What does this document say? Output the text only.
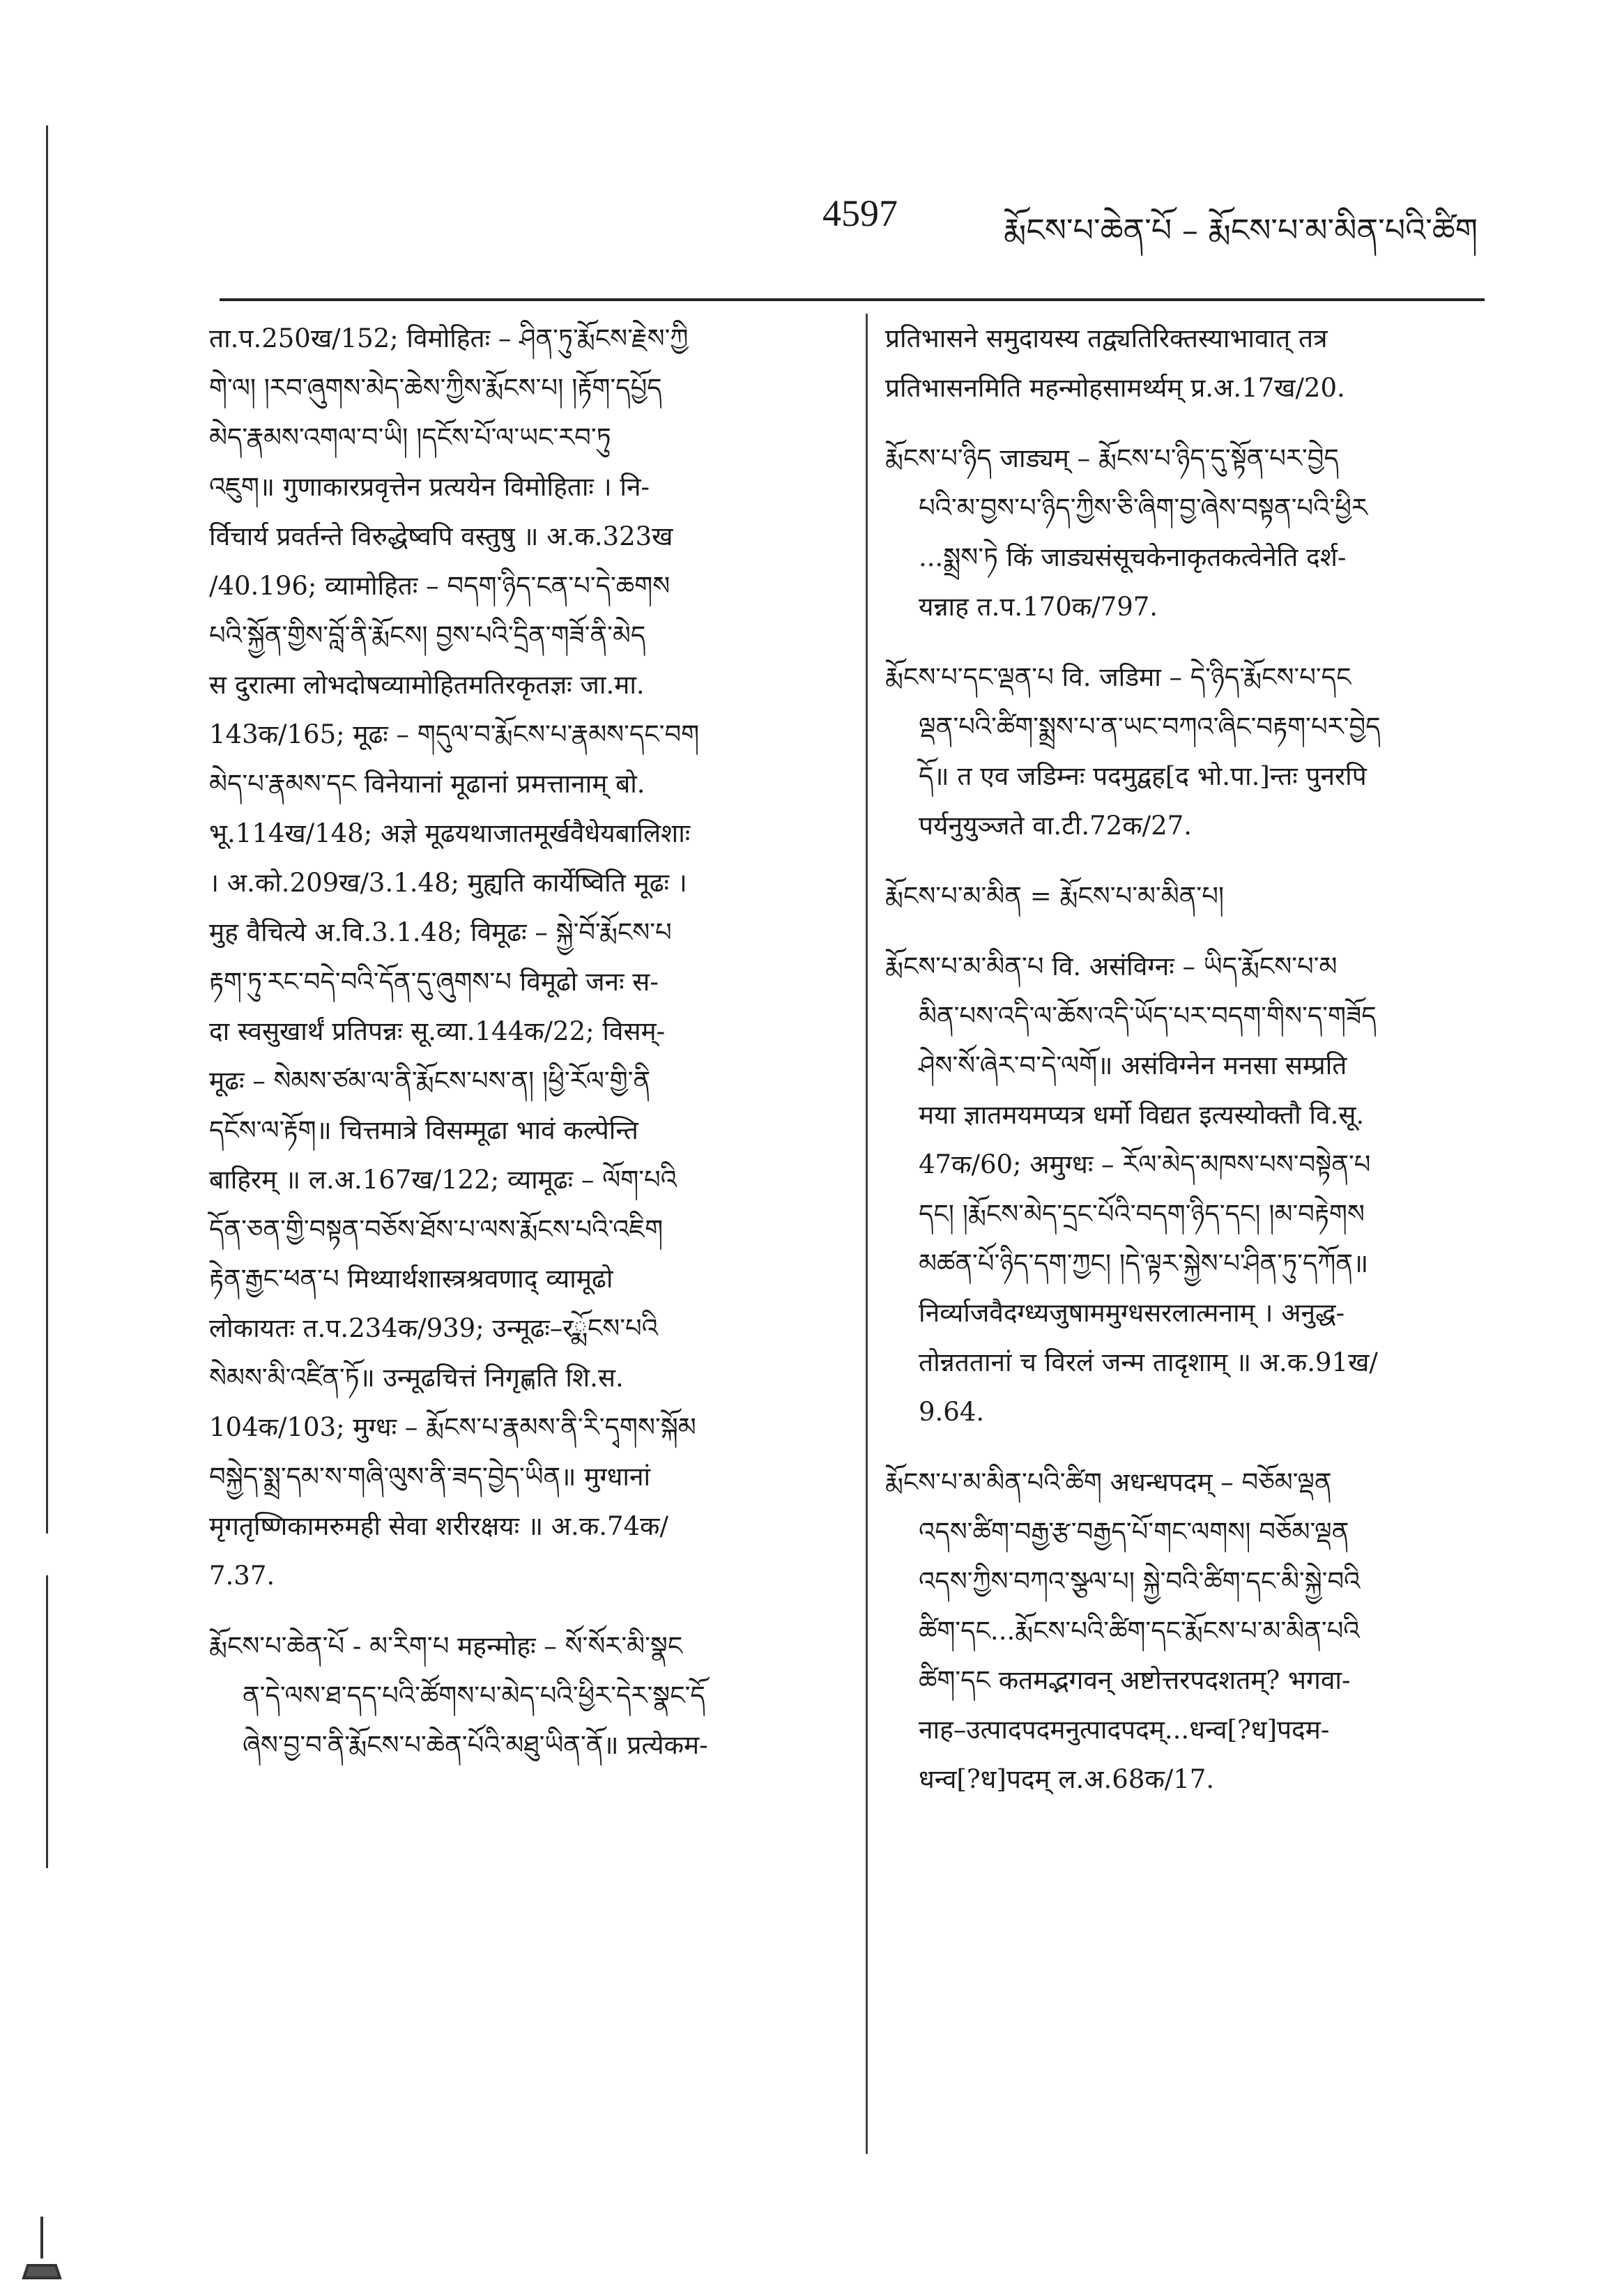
4597	རྨོངས་པ་ཆེན་པོ – རྨོངས་པ་མ་མིན་པའི་ཚིག

ता.प.250ख/152; विमोहितः – ཤིན་ཏུ་རྨོངས་རྗེས་ཀྱི

གེ་ལ། །རབ་ཞུགས་མེད་ཆེས་ཀྱིས་རྨོངས་པ། །རྟོག་དཔྱོད

མེད་རྣམས་འགལ་བ་ཡི། །དངོས་པོ་ལ་ཡང་རབ་ཏུ

འཇུག॥ गुणाकारप्रवृत्तेन प्रत्ययेन विमोहिताः । नि-

र्विचार्य प्रवर्तन्ते विरुद्धेष्वपि वस्तुषु ॥ अ.क.323ख

/40.196; व्यामोहितः – བདག་ཉིད་ངན་པ་དེ་ཆགས

པའི་སྐྱོན་གྱིས་བློ་ནི་རྨོངས། བྱས་པའི་དྲིན་གཟོ་ནི་མེད

स दुरात्मा लोभदोषव्यामोहितमतिरकृतज्ञः जा.मा.

143क/165; मूढः – གདུལ་བ་རྨོངས་པ་རྣམས་དང་བག

མེད་པ་རྣམས་དང विनेयानां मूढानां प्रमत्तानाम् बो.

भू.114ख/148; अज्ञे मूढयथाजातमूर्खवैधेयबालिशाः

। अ.को.209ख/3.1.48; मुह्यति कार्येष्विति मूढः ।

मुह वैचित्ये अ.वि.3.1.48; विमूढः – སྐྱེ་བོ་རྨོངས་པ

རྟག་ཏུ་རང་བདེ་བའི་དོན་དུ་ཞུགས་པ विमूढो जनः स-

दा स्वसुखार्थं प्रतिपन्नः सू.व्या.144क/22; विसम्-

मूढः – སེམས་ཙམ་ལ་ནི་རྨོངས་པས་ན། །ཕྱི་རོལ་གྱི་ནི

དངོས་ལ་རྟོག॥ चित्तमात्रे विसम्मूढा भावं कल्पेन्ति

बाहिरम् ॥ ल.अ.167ख/122; व्यामूढः – ལོག་པའི

དོན་ཅན་གྱི་བསྟན་བཅོས་ཐོས་པ་ལས་རྨོངས་པའི་འཇིག

རྟེན་རྒྱང་ཕན་པ मिथ्यार्थशास्त्रश्रवणाद् व्यामूढो

लोकायतः त.प.234क/939; उन्मूढः–रྨོངས་པའི

སེམས་མི་འཛིན་ཏོ॥ उन्मूढचित्तं निगृह्णति शि.स.

104क/103; मुग्धः – རྨོངས་པ་རྣམས་ནི་རི་དྭགས་སྐོམ

བསྐྱེད་སྨྲ་དམ་ས་གཞི་ལུས་ནི་ཟད་བྱེད་ཡིན॥ मुग्धानां

मृगतृष्णिकामरुमही सेवा शरीरक्षयः ॥ अ.क.74क/

7.37.

རྨོངས་པ་ཆེན་པོ - མ་རིག་པ महन्मोहः – སོ་སོར་མི་སྣང

ན་དེ་ལས་ཐ་དད་པའི་ཚོགས་པ་མེད་པའི་ཕྱིར་དེར་སྣང་དོ

ཞེས་བྱ་བ་ནི་རྨོངས་པ་ཆེན་པོའི་མཐུ་ཡིན་ནོ॥ प्रत्येकम-

प्रतिभासने समुदायस्य तद्व्यतिरिक्तस्याभावात् तत्र

प्रतिभासनमिति महन्मोहसामर्थ्यम् प्र.अ.17ख/20.

རྨོངས་པ་ཉིད जाड्यम् – རྨོངས་པ་ཉིད་དུ་སྟོན་པར་བྱེད

པའི་མ་བྱས་པ་ཉིད་ཀྱིས་ཅི་ཞིག་བྱ་ཞེས་བསྟན་པའི་ཕྱིར

...སྨྲས་ཏེ किं जाड्यसंसूचकेनाकृतकत्वेनेति दर्श-

यन्नाह त.प.170क/797.

རྨོངས་པ་དང་ལྡན་པ वि. जडिमा – དེ་ཉིད་རྨོངས་པ་དང

ལྡན་པའི་ཚིག་སྨྲས་པ་ན་ཡང་བཀའ་ཞིང་བརྟག་པར་བྱེད

དོ॥ त एव जडिम्नः पदमुद्वह[द भो.पा.]न्तः पुनरपि

पर्यनुयुञ्जते वा.टी.72क/27.

རྨོངས་པ་མ་མིན = རྨོངས་པ་མ་མིན་པ།

རྨོངས་པ་མ་མིན་པ वि. असंविग्नः – ཡིད་རྨོངས་པ་མ

མིན་པས་འདི་ལ་ཆོས་འདི་ཡོད་པར་བདག་གིས་ད་གཟོད

ཤེས་སོ་ཞེར་བ་དེ་ལགོ॥ असंविग्नेन मनसा सम्प्रति

मया ज्ञातमयमप्यत्र धर्मो विद्यत इत्यस्योक्तौ वि.सू.

47क/60; अमुग्धः – རོལ་མེད་མཁས་པས་བསྟེན་པ

དང། །རྨོངས་མེད་དྲང་པོའི་བདག་ཉིད་དང། །མ་བརྟེགས

མཚན་པོ་ཉིད་དག་ཀྱང། །དེ་ལྟར་སྐྱེས་པ་ཤིན་ཏུ་དཀོན॥

निर्व्याजवैदग्ध्यजुषाममुग्धसरलात्मनाम् । अनुद्ध-

तोन्नततानां च विरलं जन्म तादृशाम् ॥ अ.क.91ख/

9.64.

རྨོངས་པ་མ་མིན་པའི་ཚིག अधन्धपदम् – བཅོམ་ལྡན

འདས་ཚིག་བརྒྱ་རྩ་བརྒྱད་པོ་གང་ལགས། བཅོམ་ལྡན

འདས་ཀྱིས་བཀའ་སྩལ་པ། སྐྱེ་བའི་ཚིག་དང་མི་སྐྱེ་བའི

ཚིག་དང...རྨོངས་པའི་ཚིག་དང་རྨོངས་པ་མ་མིན་པའི

ཚིག་དང कतमद्भगवन् अष्टोत्तरपदशतम्? भगवा-

नाह–उत्पादपदमनुत्पादपदम्...धन्व[?ध]पदम-

धन्व[?ध]पदम् ल.अ.68क/17.
